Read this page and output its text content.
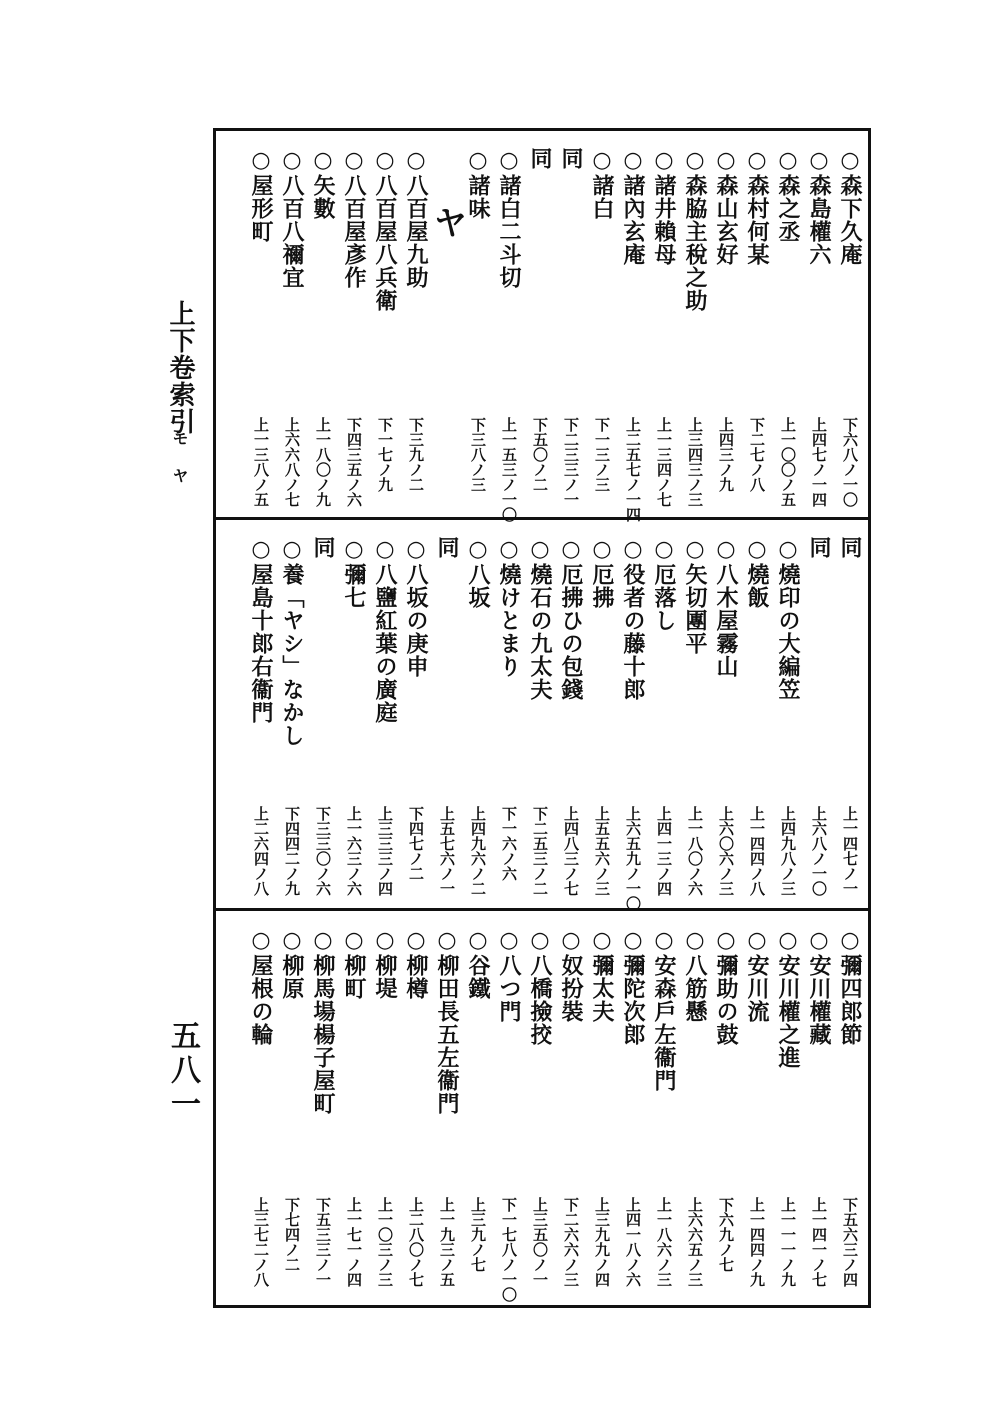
上下卷索引
モ ヤ
五八一
○森下久庵
下六八ノ一〇
○森島權六
上四七ノ一四
○森之丞
上一〇〇ノ五
○森村何某
下二七ノ八
○森山玄好
上四三ノ九
○森脇主稅之助
上三四三ノ三
○諸井賴母
上一三四ノ七
○諸內玄庵
上二五七ノ一四
○諸白
下一三ノ三
同
下二三三ノ一
同
下五〇ノ二
○諸白二斗切
上一五三ノ一〇
○諸味
下三八ノ三
○八百屋九助
下三九ノ二
○八百屋八兵衛
下一七ノ九
○八百屋彥作
下四三五ノ六
○矢數
上一八〇ノ九
○八百八禰宜
上六六八ノ七
○屋形町
上一三八ノ五
ヤ
同
上一四七ノ一
同
上六八ノ一〇
○燒印の大編笠
上四九八ノ三
○燒飯
上一四四ノ八
○八木屋霧山
上六〇六ノ三
○矢切團平
上一八〇ノ六
○厄落し
上四一三ノ四
○役者の藤十郎
上六五九ノ一〇
○厄拂
上五五六ノ三
○厄拂ひの包錢
上四八三ノ七
○燒石の九太夫
下二五三ノ二
○燒けとまり
下一六ノ六
○八坂
上四九六ノ二
同
上五七六ノ一
○八坂の庚申
下四七ノ二
○八鹽紅葉の廣庭
上三三三ノ四
○彌七
上一六三ノ六
同
下三三〇ノ六
○養「ヤシ」なかし
下四四二ノ九
○屋島十郎右衞門
上二六四ノ八
○彌四郎節
下五六三ノ四
○安川權藏
上一四一ノ七
○安川權之進
上一一一ノ九
○安川流
上一四四ノ九
○彌助の鼓
下六九ノ七
○八筋懸
上六六五ノ三
○安森戶左衞門
上一八六ノ三
○彌陀次郎
上四一八ノ六
○彌太夫
上三九九ノ四
○奴扮裝
下二六六ノ三
○八橋撿挍
上三五〇ノ一
○八つ門
下一七八ノ一〇
○谷鐵
上三九ノ七
○柳田長五左衞門
上一九三ノ五
○柳樽
上二八〇ノ七
○柳堤
上一〇三ノ三
○柳町
上一七一ノ四
○柳馬場楊子屋町
下五三三ノ一
○柳原
下七四ノ二
○屋根の輪
上三七二ノ八
